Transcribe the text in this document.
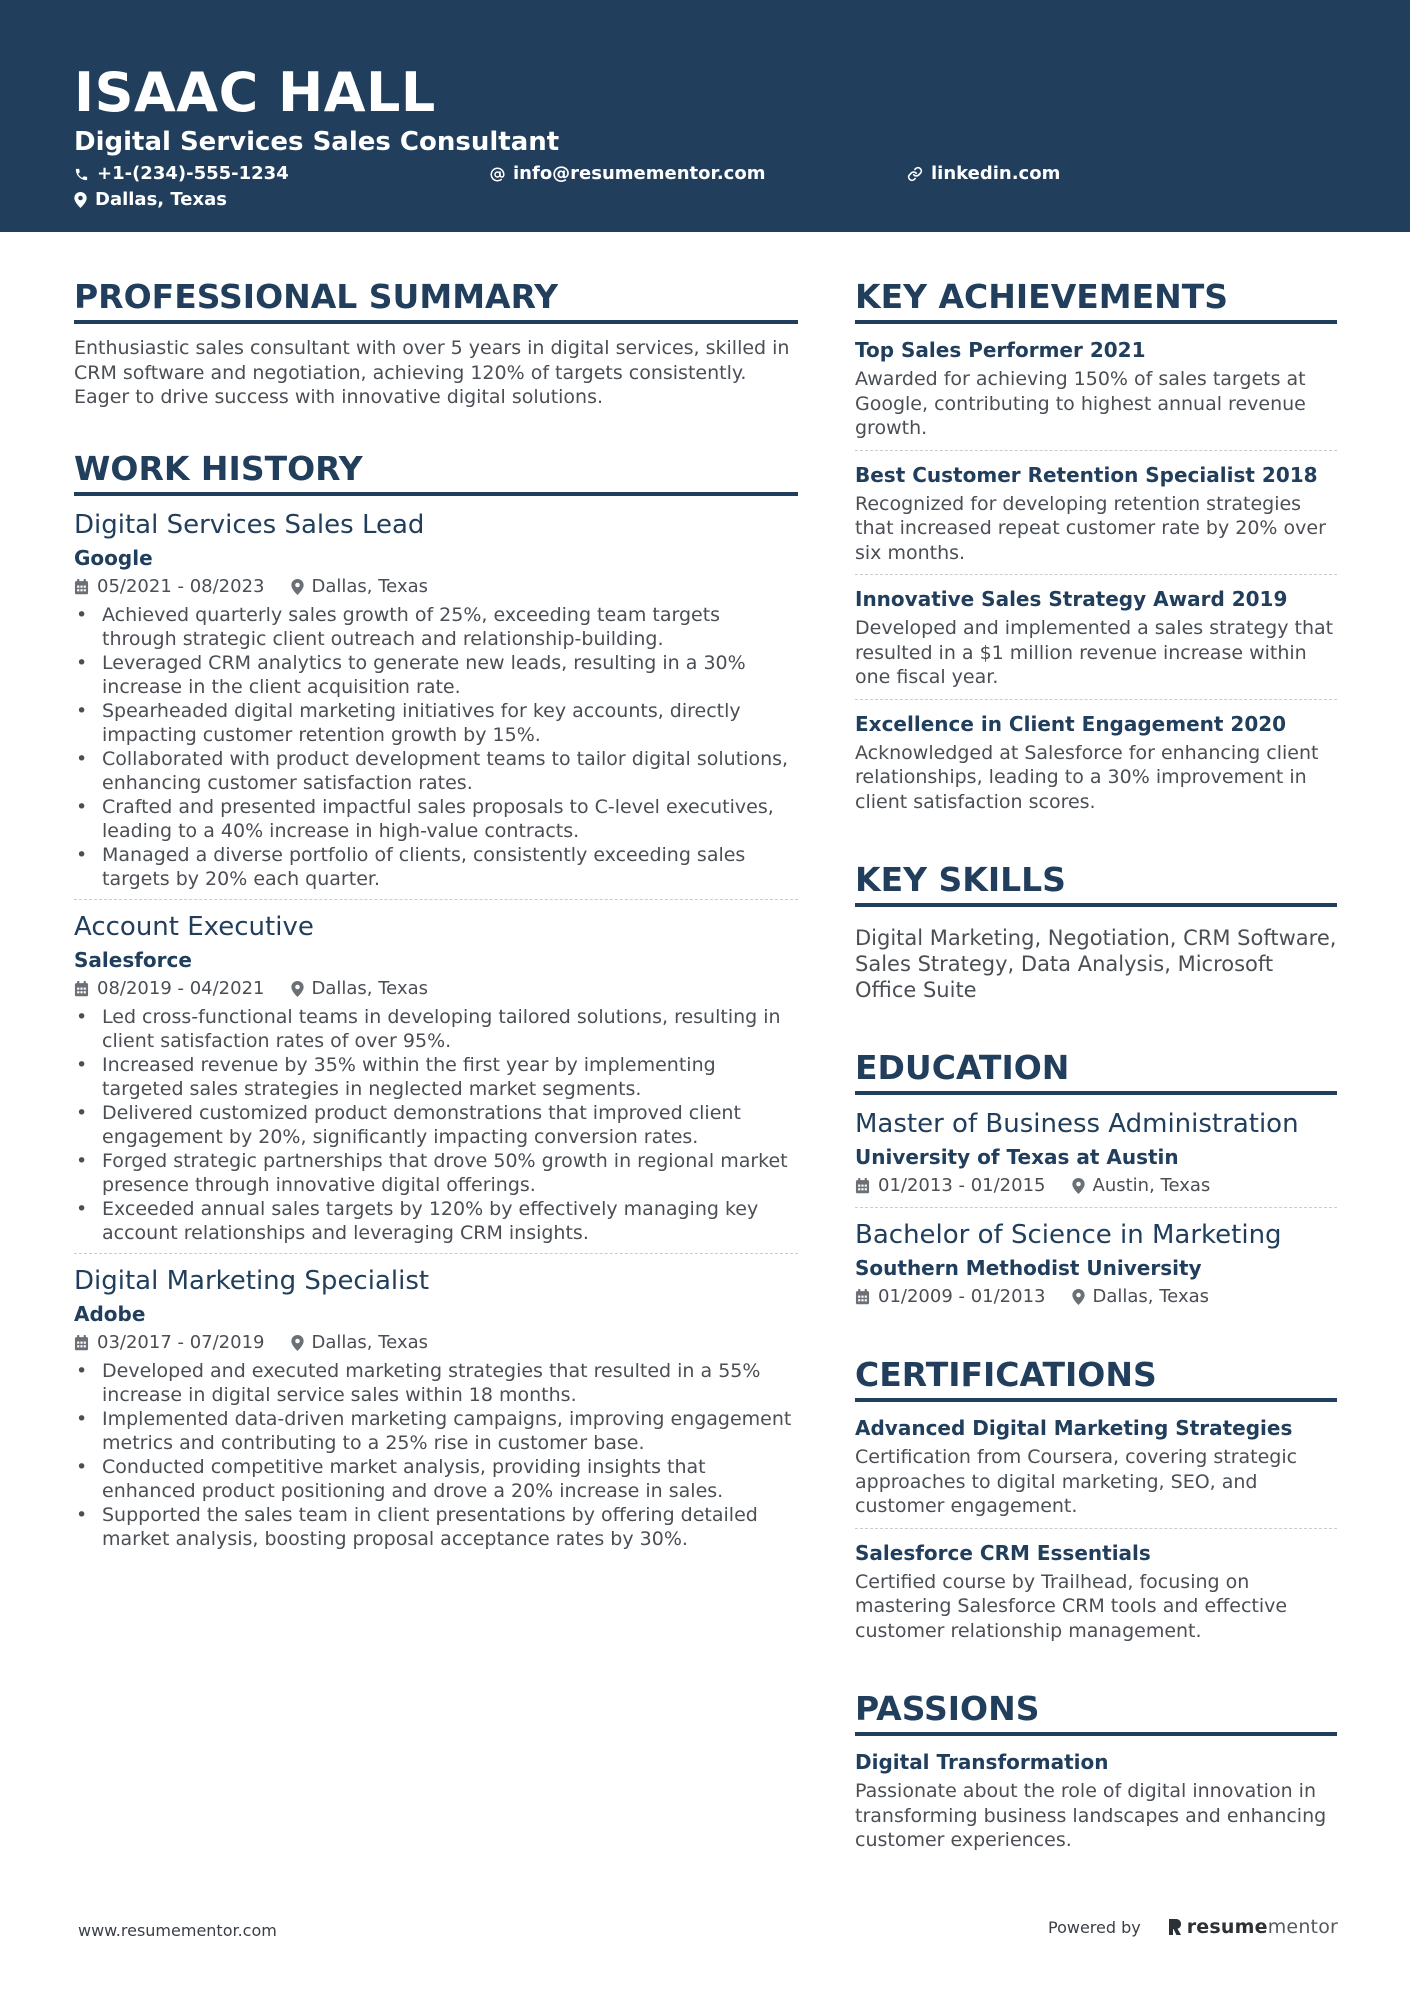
ISAAC HALL
Digital Services Sales Consultant
+1-(234)-555-1234	info@resumementor.com	linkedin.com
Dallas, Texas
PROFESSIONAL SUMMARY
Enthusiastic sales consultant with over 5 years in digital services, skilled in CRM software and negotiation, achieving 120% of targets consistently. Eager to drive success with innovative digital solutions.
WORK HISTORY
Digital Services Sales Lead
Google
05/2021 - 08/2023	Dallas, Texas
• Achieved quarterly sales growth of 25%, exceeding team targets through strategic client outreach and relationship-building.
• Leveraged CRM analytics to generate new leads, resulting in a 30% increase in the client acquisition rate.
• Spearheaded digital marketing initiatives for key accounts, directly impacting customer retention growth by 15%.
• Collaborated with product development teams to tailor digital solutions, enhancing customer satisfaction rates.
• Crafted and presented impactful sales proposals to C-level executives, leading to a 40% increase in high-value contracts.
• Managed a diverse portfolio of clients, consistently exceeding sales targets by 20% each quarter.
Account Executive
Salesforce
08/2019 - 04/2021	Dallas, Texas
• Led cross-functional teams in developing tailored solutions, resulting in client satisfaction rates of over 95%.
• Increased revenue by 35% within the first year by implementing targeted sales strategies in neglected market segments.
• Delivered customized product demonstrations that improved client engagement by 20%, significantly impacting conversion rates.
• Forged strategic partnerships that drove 50% growth in regional market presence through innovative digital offerings.
• Exceeded annual sales targets by 120% by effectively managing key account relationships and leveraging CRM insights.
Digital Marketing Specialist
Adobe
03/2017 - 07/2019	Dallas, Texas
• Developed and executed marketing strategies that resulted in a 55% increase in digital service sales within 18 months.
• Implemented data-driven marketing campaigns, improving engagement metrics and contributing to a 25% rise in customer base.
• Conducted competitive market analysis, providing insights that enhanced product positioning and drove a 20% increase in sales.
• Supported the sales team in client presentations by offering detailed market analysis, boosting proposal acceptance rates by 30%.
KEY ACHIEVEMENTS
Top Sales Performer 2021
Awarded for achieving 150% of sales targets at Google, contributing to highest annual revenue growth.
Best Customer Retention Specialist 2018
Recognized for developing retention strategies that increased repeat customer rate by 20% over six months.
Innovative Sales Strategy Award 2019
Developed and implemented a sales strategy that resulted in a $1 million revenue increase within one fiscal year.
Excellence in Client Engagement 2020
Acknowledged at Salesforce for enhancing client relationships, leading to a 30% improvement in client satisfaction scores.
KEY SKILLS
Digital Marketing, Negotiation, CRM Software, Sales Strategy, Data Analysis, Microsoft Office Suite
EDUCATION
Master of Business Administration
University of Texas at Austin
01/2013 - 01/2015	Austin, Texas
Bachelor of Science in Marketing
Southern Methodist University
01/2009 - 01/2013	Dallas, Texas
CERTIFICATIONS
Advanced Digital Marketing Strategies
Certification from Coursera, covering strategic approaches to digital marketing, SEO, and customer engagement.
Salesforce CRM Essentials
Certified course by Trailhead, focusing on mastering Salesforce CRM tools and effective customer relationship management.
PASSIONS
Digital Transformation
Passionate about the role of digital innovation in transforming business landscapes and enhancing customer experiences.
www.resumementor.com	Powered by resume mentor
